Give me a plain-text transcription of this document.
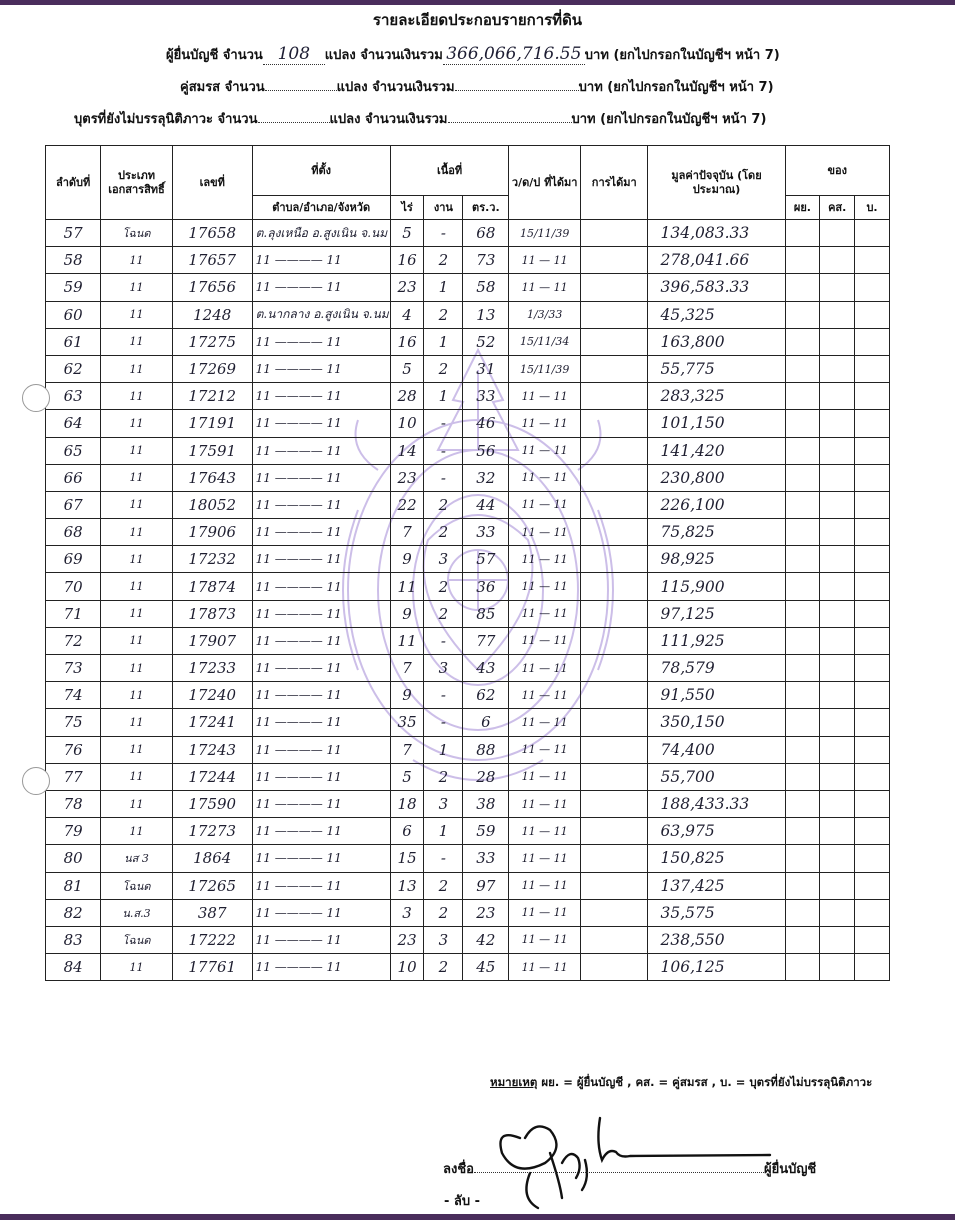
รายละเอียดประกอบรายการที่ดิน
ผู้ยื่นบัญชี จำนวน 108 แปลง จำนวนเงินรวม 366,066,716.55 บาท (ยกไปกรอกในบัญชีฯ หน้า 7)
คู่สมรส จำนวน	แปลง จำนวนเงินรวม	บาท (ยกไปกรอกในบัญชีฯ หน้า 7)
บุตรที่ยังไม่บรรลุนิติภาวะ จำนวน	แปลง จำนวนเงินรวม	บาท (ยกไปกรอกในบัญชีฯ หน้า 7)
ลำดับที่	ประเภทเอกสารสิทธิ์	เลขที่	ที่ตั้ง	เนื้อที่			ว/ด/ป ที่ได้มา	การได้มา	มูลค่าปัจจุบัน (โดยประมาณ)	ของ		
			ตำบล/อำเภอ/จังหวัด	ไร่	งาน	ตร.ว.				ผย.	คส.	บ.
57	โฉนด	17658	ต.ลุงเหนือ อ.สูงเนิน จ.นม	5	-	68	15/11/39		134,083.33			
58	11	17657	11 ———— 11	16	2	73	11 — 11		278,041.66			
59	11	17656	11 ———— 11	23	1	58	11 — 11		396,583.33			
60	11	1248	ต.นากลาง อ.สูงเนิน จ.นม	4	2	13	1/3/33		45,325			
61	11	17275	11 ———— 11	16	1	52	15/11/34		163,800			
62	11	17269	11 ———— 11	5	2	31	15/11/39		55,775			
63	11	17212	11 ———— 11	28	1	33	11 — 11		283,325			
64	11	17191	11 ———— 11	10	-	46	11 — 11		101,150			
65	11	17591	11 ———— 11	14	-	56	11 — 11		141,420			
66	11	17643	11 ———— 11	23	-	32	11 — 11		230,800			
67	11	18052	11 ———— 11	22	2	44	11 — 11		226,100			
68	11	17906	11 ———— 11	7	2	33	11 — 11		75,825			
69	11	17232	11 ———— 11	9	3	57	11 — 11		98,925			
70	11	17874	11 ———— 11	11	2	36	11 — 11		115,900			
71	11	17873	11 ———— 11	9	2	85	11 — 11		97,125			
72	11	17907	11 ———— 11	11	-	77	11 — 11		111,925			
73	11	17233	11 ———— 11	7	3	43	11 — 11		78,579			
74	11	17240	11 ———— 11	9	-	62	11 — 11		91,550			
75	11	17241	11 ———— 11	35	-	6	11 — 11		350,150			
76	11	17243	11 ———— 11	7	1	88	11 — 11		74,400			
77	11	17244	11 ———— 11	5	2	28	11 — 11		55,700			
78	11	17590	11 ———— 11	18	3	38	11 — 11		188,433.33			
79	11	17273	11 ———— 11	6	1	59	11 — 11		63,975			
80	นส 3	1864	11 ———— 11	15	-	33	11 — 11		150,825			
81	โฉนด	17265	11 ———— 11	13	2	97	11 — 11		137,425			
82	น.ส.3	387	11 ———— 11	3	2	23	11 — 11		35,575			
83	โฉนด	17222	11 ———— 11	23	3	42	11 — 11		238,550			
84	11	17761	11 ———— 11	10	2	45	11 — 11		106,125			
หมายเหตุ ผย. = ผู้ยื่นบัญชี , คส. = คู่สมรส , บ. = บุตรที่ยังไม่บรรลุนิติภาวะ
ลงชื่อ	ผู้ยื่นบัญชี
- ลับ -
